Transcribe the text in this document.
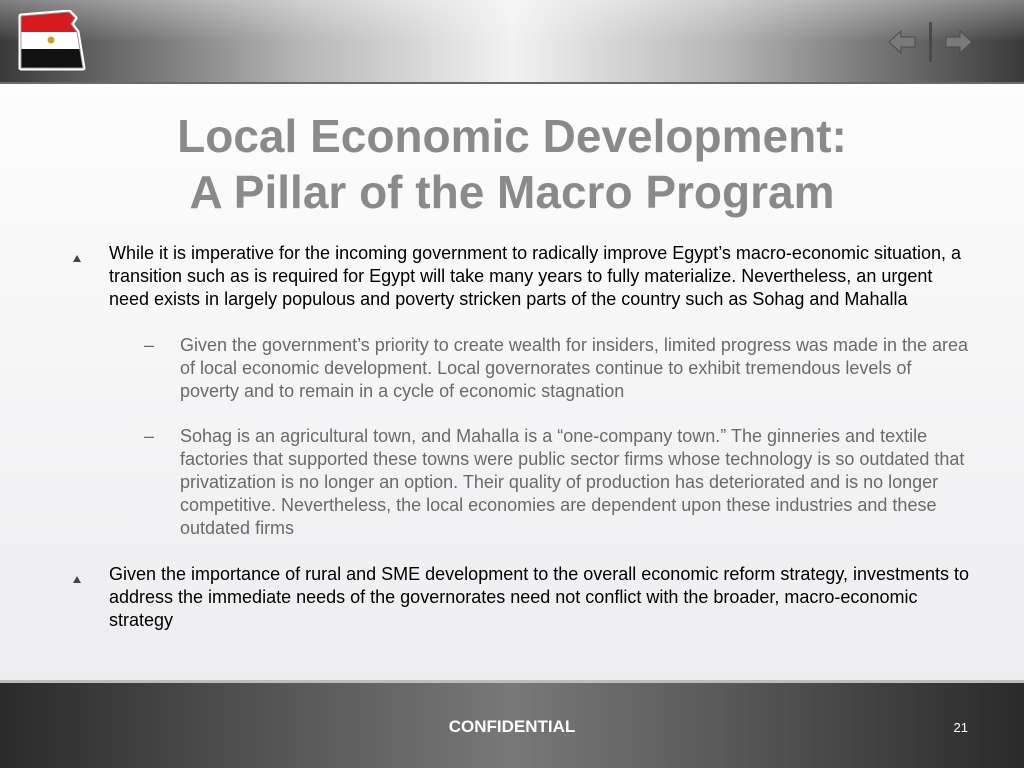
Local Economic Development:
A Pillar of the Macro Program
While it is imperative for the incoming government to radically improve Egypt’s macro-economic situation, a transition such as is required for Egypt will take many years to fully materialize. Nevertheless, an urgent need exists in largely populous and poverty stricken parts of the country such as Sohag and Mahalla
– Given the government’s priority to create wealth for insiders, limited progress was made in the area of local economic development. Local governorates continue to exhibit tremendous levels of poverty and to remain in a cycle of economic stagnation
– Sohag is an agricultural town, and Mahalla is a “one-company town.” The ginneries and textile factories that supported these towns were public sector firms whose technology is so outdated that privatization is no longer an option. Their quality of production has deteriorated and is no longer competitive. Nevertheless, the local economies are dependent upon these industries and these outdated firms
Given the importance of rural and SME development to the overall economic reform strategy, investments to address the immediate needs of the governorates need not conflict with the broader, macro-economic strategy
CONFIDENTIAL	21
